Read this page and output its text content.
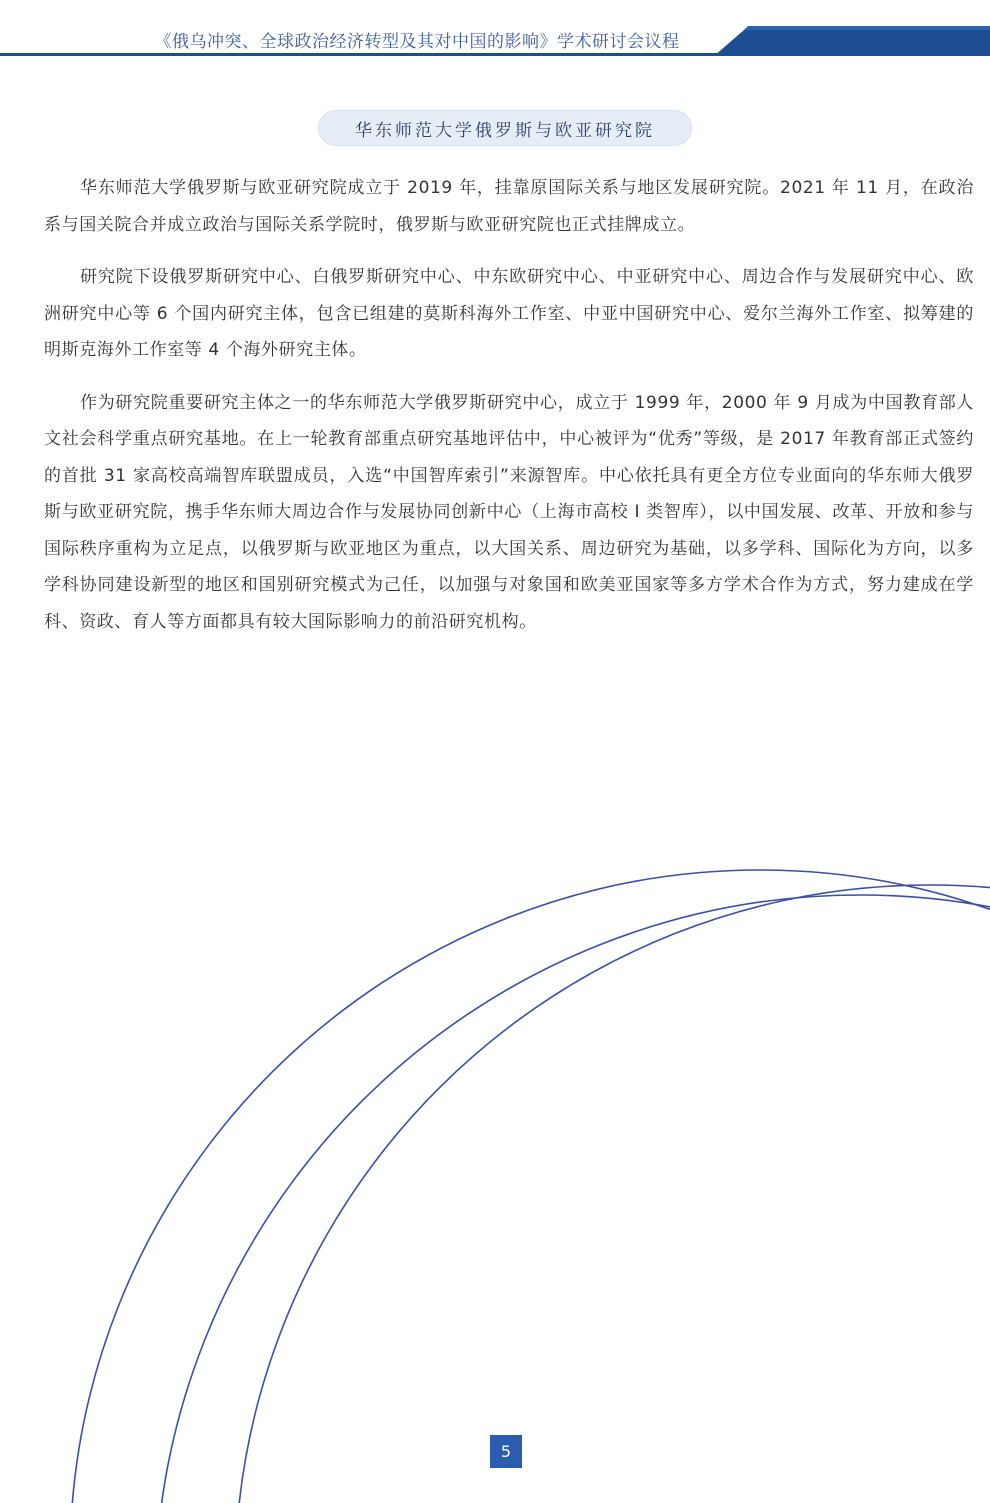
《俄乌冲突、全球政治经济转型及其对中国的影响》学术研讨会议程
华东师范大学俄罗斯与欧亚研究院

华东师范大学俄罗斯与欧亚研究院成立于 2019 年，挂靠原国际关系与地区发展研究院。2021 年 11 月，在政治系与国关院合并成立政治与国际关系学院时，俄罗斯与欧亚研究院也正式挂牌成立。

研究院下设俄罗斯研究中心、白俄罗斯研究中心、中东欧研究中心、中亚研究中心、周边合作与发展研究中心、欧洲研究中心等 6 个国内研究主体，包含已组建的莫斯科海外工作室、中亚中国研究中心、爱尔兰海外工作室、拟筹建的明斯克海外工作室等 4 个海外研究主体。

作为研究院重要研究主体之一的华东师范大学俄罗斯研究中心，成立于 1999 年，2000 年 9 月成为中国教育部人文社会科学重点研究基地。在上一轮教育部重点研究基地评估中，中心被评为“优秀”等级，是 2017 年教育部正式签约的首批 31 家高校高端智库联盟成员，入选“中国智库索引”来源智库。中心依托具有更全方位专业面向的华东师大俄罗斯与欧亚研究院，携手华东师大周边合作与发展协同创新中心（上海市高校 I 类智库），以中国发展、改革、开放和参与国际秩序重构为立足点，以俄罗斯与欧亚地区为重点，以大国关系、周边研究为基础，以多学科、国际化为方向，以多学科协同建设新型的地区和国别研究模式为己任，以加强与对象国和欧美亚国家等多方学术合作为方式，努力建成在学科、资政、育人等方面都具有较大国际影响力的前沿研究机构。

5
